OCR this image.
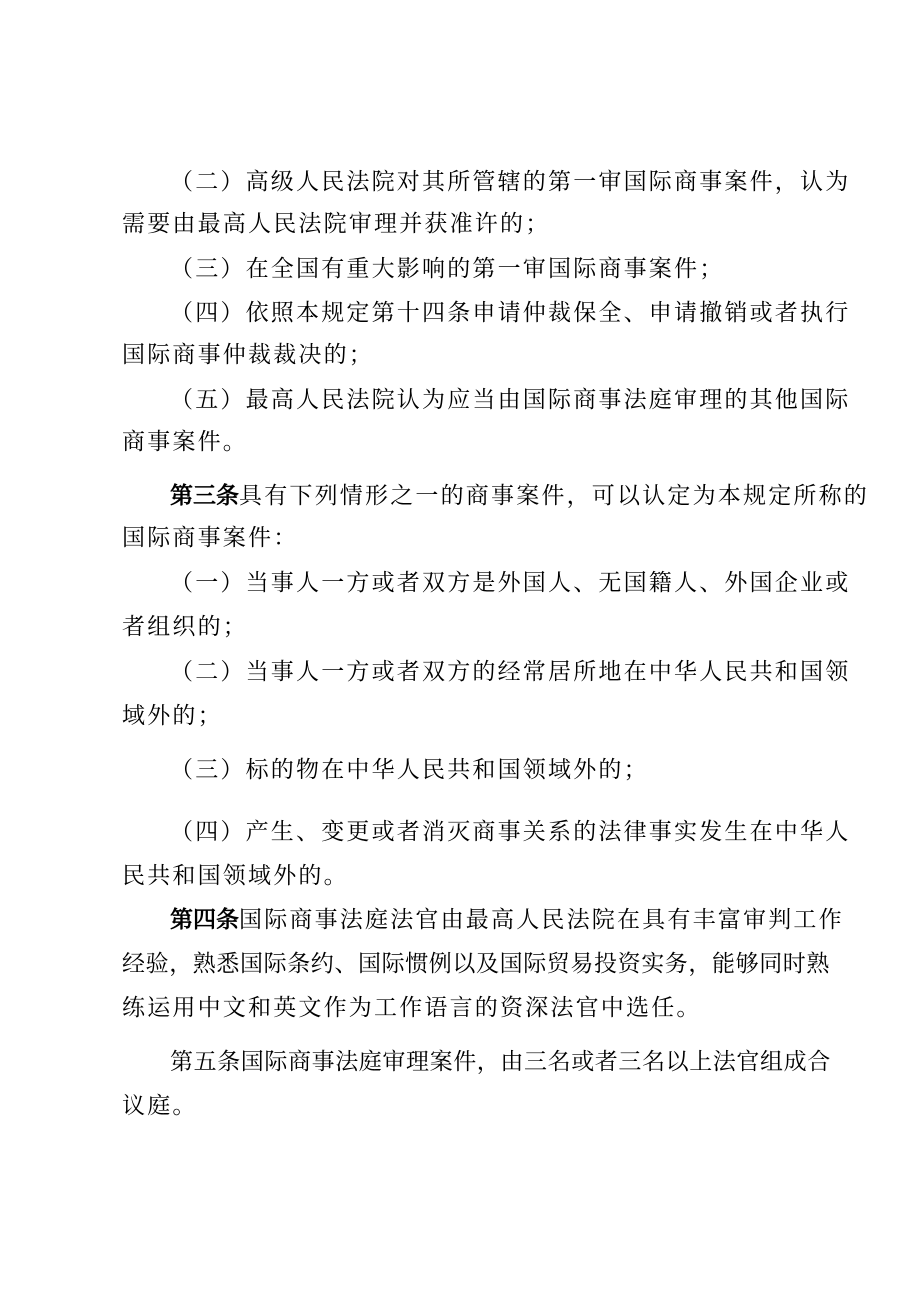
（二）高级人民法院对其所管辖的第一审国际商事案件，认为
需要由最高人民法院审理并获准许的；
（三）在全国有重大影响的第一审国际商事案件；
（四）依照本规定第十四条申请仲裁保全、申请撤销或者执行
国际商事仲裁裁决的；
（五）最高人民法院认为应当由国际商事法庭审理的其他国际
商事案件。
第三条具有下列情形之一的商事案件，可以认定为本规定所称的
国际商事案件：
（一）当事人一方或者双方是外国人、无国籍人、外国企业或
者组织的；
（二）当事人一方或者双方的经常居所地在中华人民共和国领
域外的；
（三）标的物在中华人民共和国领域外的；
（四）产生、变更或者消灭商事关系的法律事实发生在中华人
民共和国领域外的。
第四条国际商事法庭法官由最高人民法院在具有丰富审判工作
经验，熟悉国际条约、国际惯例以及国际贸易投资实务，能够同时熟
练运用中文和英文作为工作语言的资深法官中选任。
第五条国际商事法庭审理案件，由三名或者三名以上法官组成合
议庭。
